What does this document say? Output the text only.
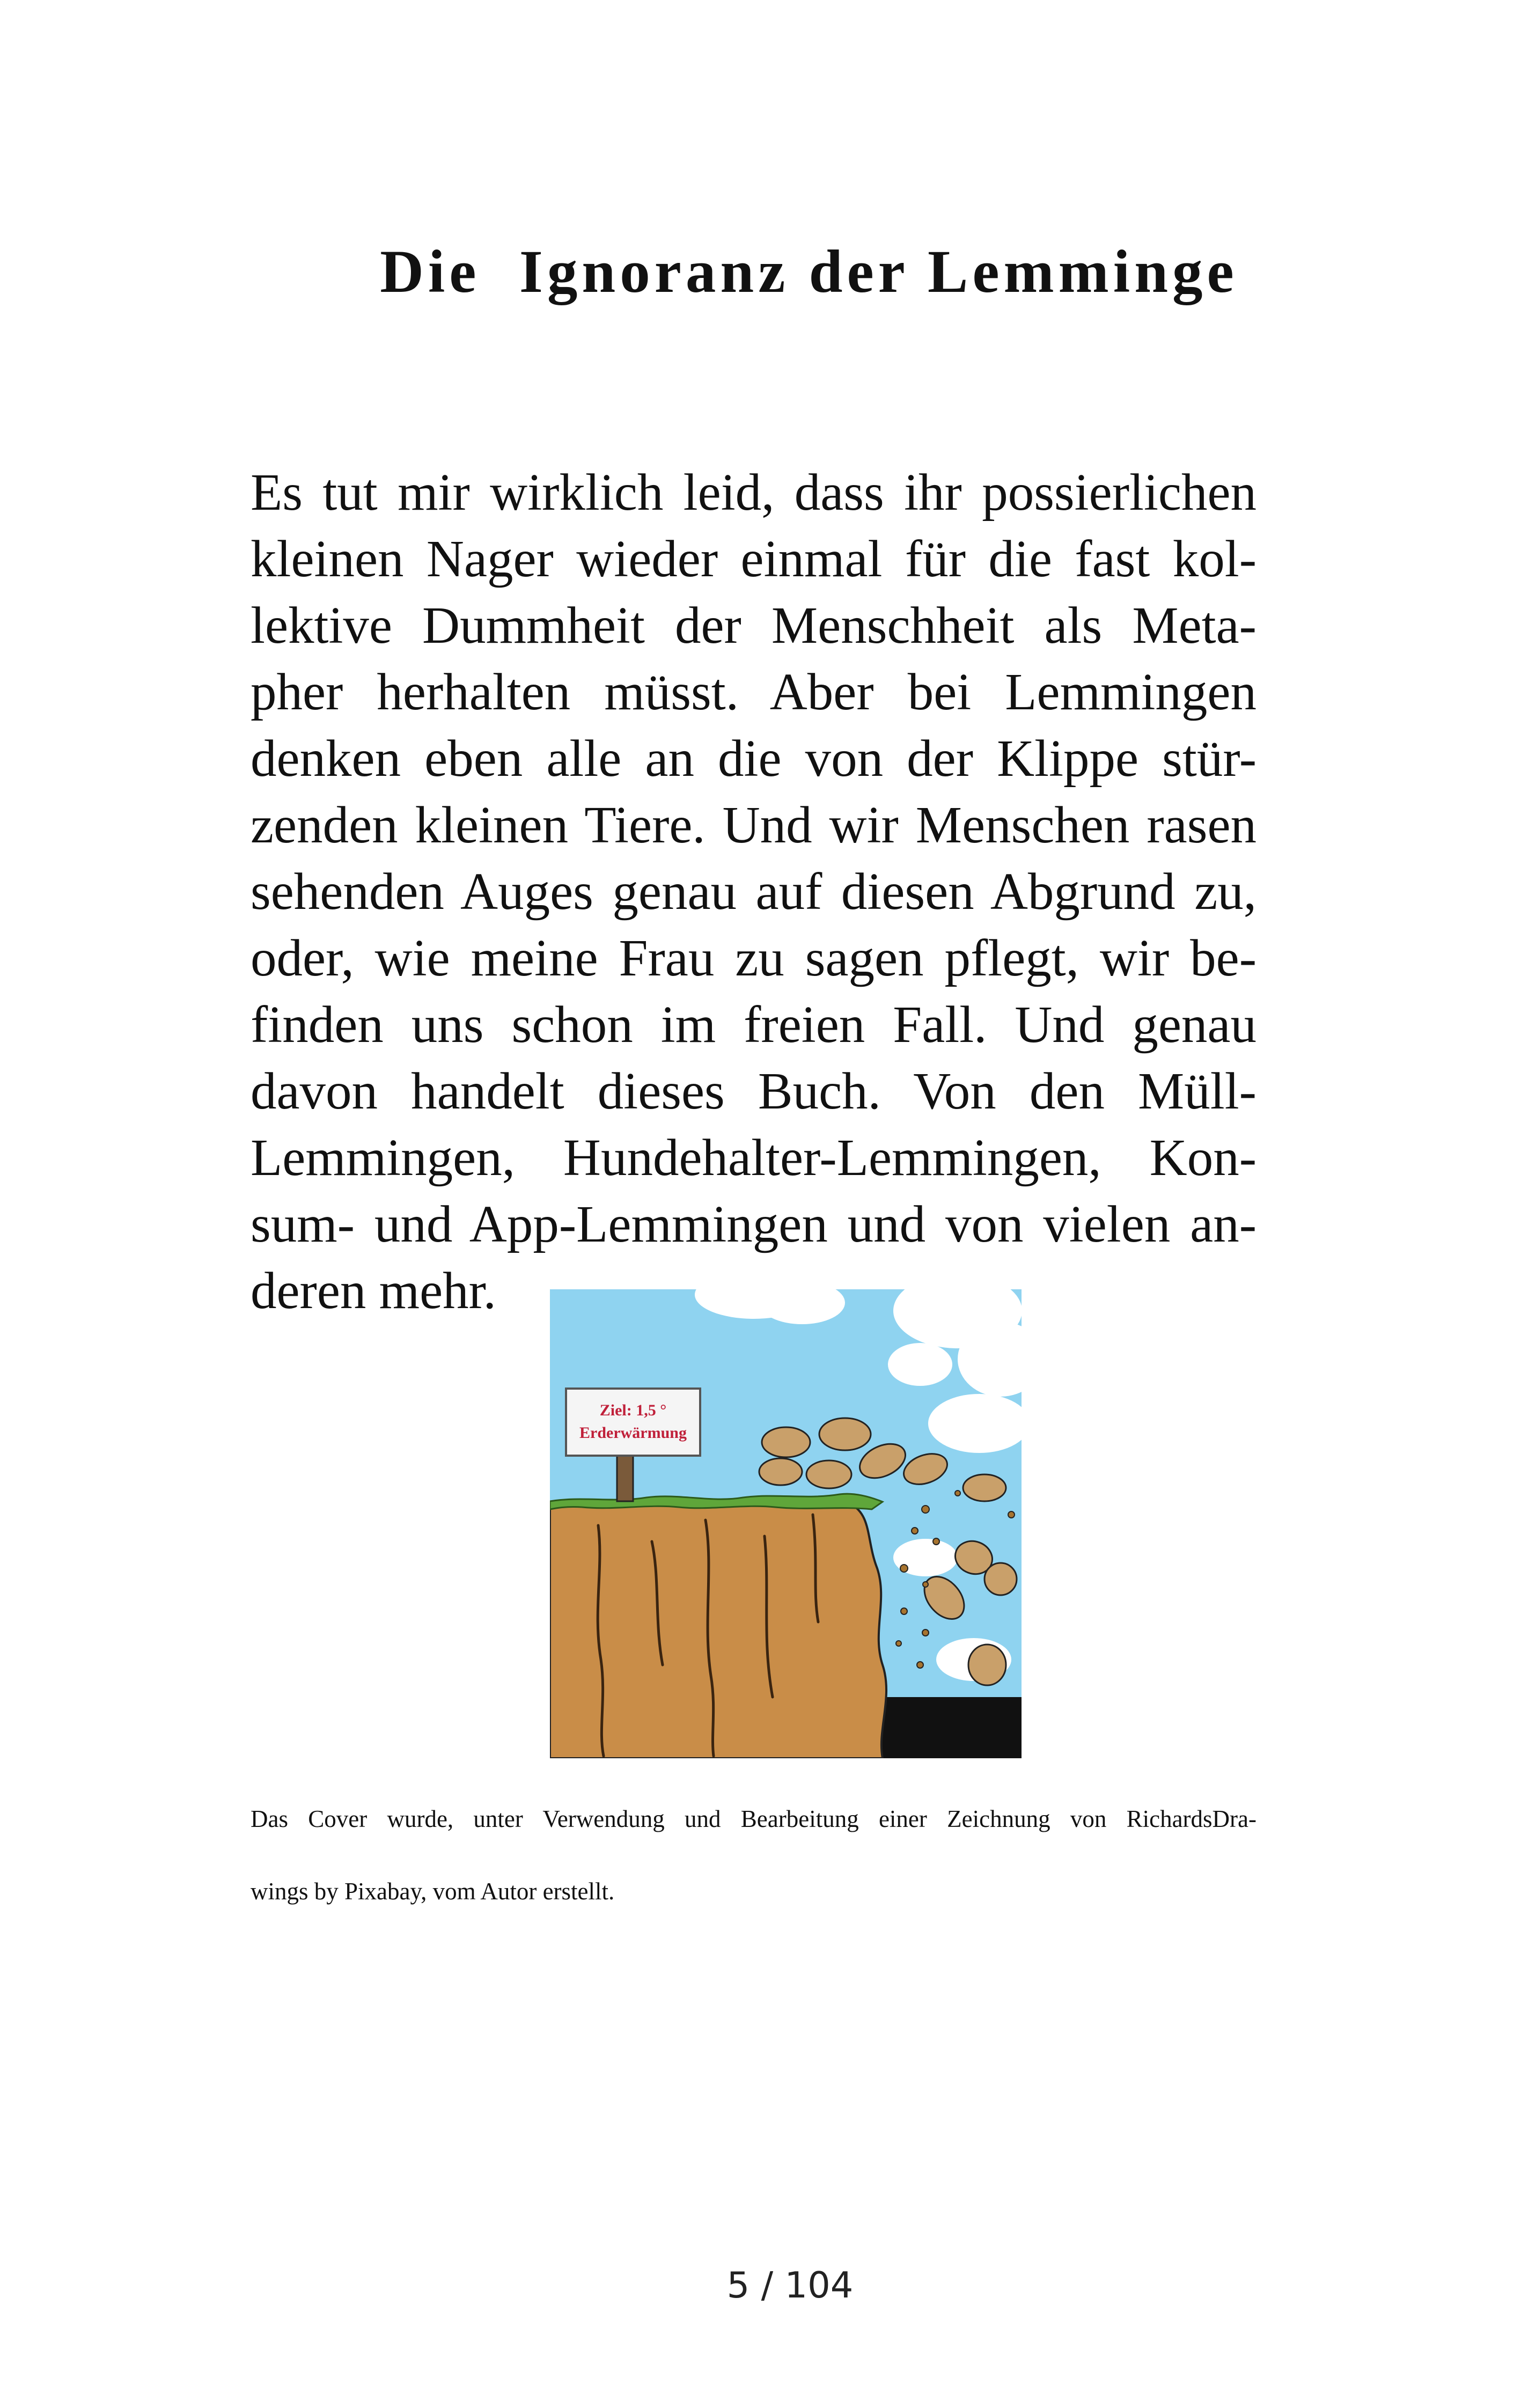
Die  Ignoranz der Lemminge
Es tut mir wirklich leid, dass ihr possierlichen
kleinen Nager wieder einmal für die fast kol-
lektive Dummheit der Menschheit als Meta-
pher herhalten müsst. Aber bei Lemmingen
denken eben alle an die von der Klippe stür-
zenden kleinen Tiere. Und wir Menschen rasen
sehenden Auges genau auf diesen Abgrund zu,
oder, wie meine Frau zu sagen pflegt, wir be-
finden uns schon im freien Fall. Und genau
davon handelt dieses Buch. Von den Müll-
Lemmingen, Hundehalter-Lemmingen, Kon-
sum- und App-Lemmingen und von vielen an-
deren mehr.
Ziel: 1,5 °
Erderwärmung
Das Cover wurde, unter Verwendung und Bearbeitung einer Zeichnung von RichardsDra-
wings by Pixabay, vom Autor erstellt.
5 / 104
